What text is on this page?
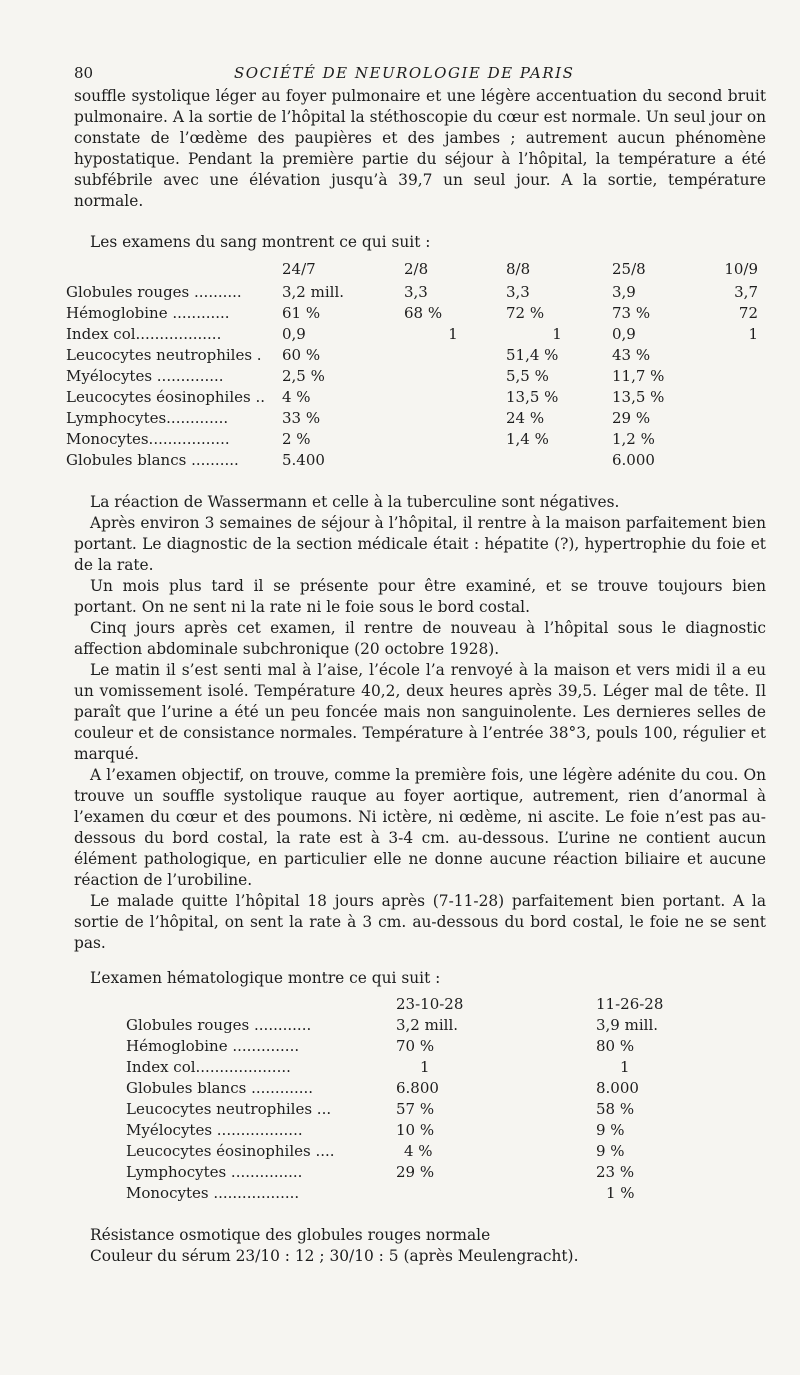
80	SOCIÉTÉ DE NEUROLOGIE DE PARIS

souffle systolique léger au foyer pulmonaire et une légère accentuation du second bruit pulmonaire. A la sortie de l’hôpital la stéthoscopie du cœur est normale. Un seul jour on constate de l’œdème des paupières et des jambes ; autrement aucun phénomène hypostatique. Pendant la première partie du séjour à l’hôpital, la température a été subfébrile avec une élévation jusqu’à 39,7 un seul jour. A la sortie, température normale.

Les examens du sang montrent ce qui suit :

	24/7	2/8	8/8	25/8	10/9
Globules rouges ..........	3,2 mill.	3,3	3,3	3,9	3,7
Hémoglobine ............	61 %	68 %	72 %	73 %	72
Index col..................	0,9	1	1	0,9	1
Leucocytes neutrophiles .	60 %		51,4 %	43 %	
Myélocytes ..............	2,5 %		5,5 %	11,7 %	
Leucocytes éosinophiles ..	4 %		13,5 %	13,5 %	
Lymphocytes.............	33 %		24 %	29 %	
Monocytes.................	2 %		1,4 %	1,2 %	
Globules blancs ..........	5.400			6.000	

La réaction de Wassermann et celle à la tuberculine sont négatives.

Après environ 3 semaines de séjour à l’hôpital, il rentre à la maison parfaitement bien portant. Le diagnostic de la section médicale était : hépatite (?), hypertrophie du foie et de la rate.

Un mois plus tard il se présente pour être examiné, et se trouve toujours bien portant. On ne sent ni la rate ni le foie sous le bord costal.

Cinq jours après cet examen, il rentre de nouveau à l’hôpital sous le diagnostic affection abdominale subchronique (20 octobre 1928).

Le matin il s’est senti mal à l’aise, l’école l’a renvoyé à la maison et vers midi il a eu un vomissement isolé. Température 40,2, deux heures après 39,5. Léger mal de tête. Il paraît que l’urine a été un peu foncée mais non sanguinolente. Les dernieres selles de couleur et de consistance normales. Température à l’entrée 38°3, pouls 100, régulier et marqué.

A l’examen objectif, on trouve, comme la première fois, une légère adénite du cou. On trouve un souffle systolique rauque au foyer aortique, autrement, rien d’anormal à l’examen du cœur et des poumons. Ni ictère, ni œdème, ni ascite. Le foie n’est pas au-dessous du bord costal, la rate est à 3-4 cm. au-dessous. L’urine ne contient aucun élément pathologique, en particulier elle ne donne aucune réaction biliaire et aucune réaction de l’urobiline.

Le malade quitte l’hôpital 18 jours après (7-11-28) parfaitement bien portant. A la sortie de l’hôpital, on sent la rate à 3 cm. au-dessous du bord costal, le foie ne se sent pas.

L’examen hématologique montre ce qui suit :

	23-10-28	11-26-28
Globules rouges ............	3,2 mill.	3,9 mill.
Hémoglobine ..............	70 %	80 %
Index col....................	1	1
Globules blancs .............	6.800	8.000
Leucocytes neutrophiles ...	57 %	58 %
Myélocytes ..................	10 %	9 %
Leucocytes éosinophiles ....	4 %	9 %
Lymphocytes ...............	29 %	23 %
Monocytes ..................		1 %

Résistance osmotique des globules rouges normale

Couleur du sérum 23/10 : 12 ; 30/10 : 5 (après Meulengracht).
